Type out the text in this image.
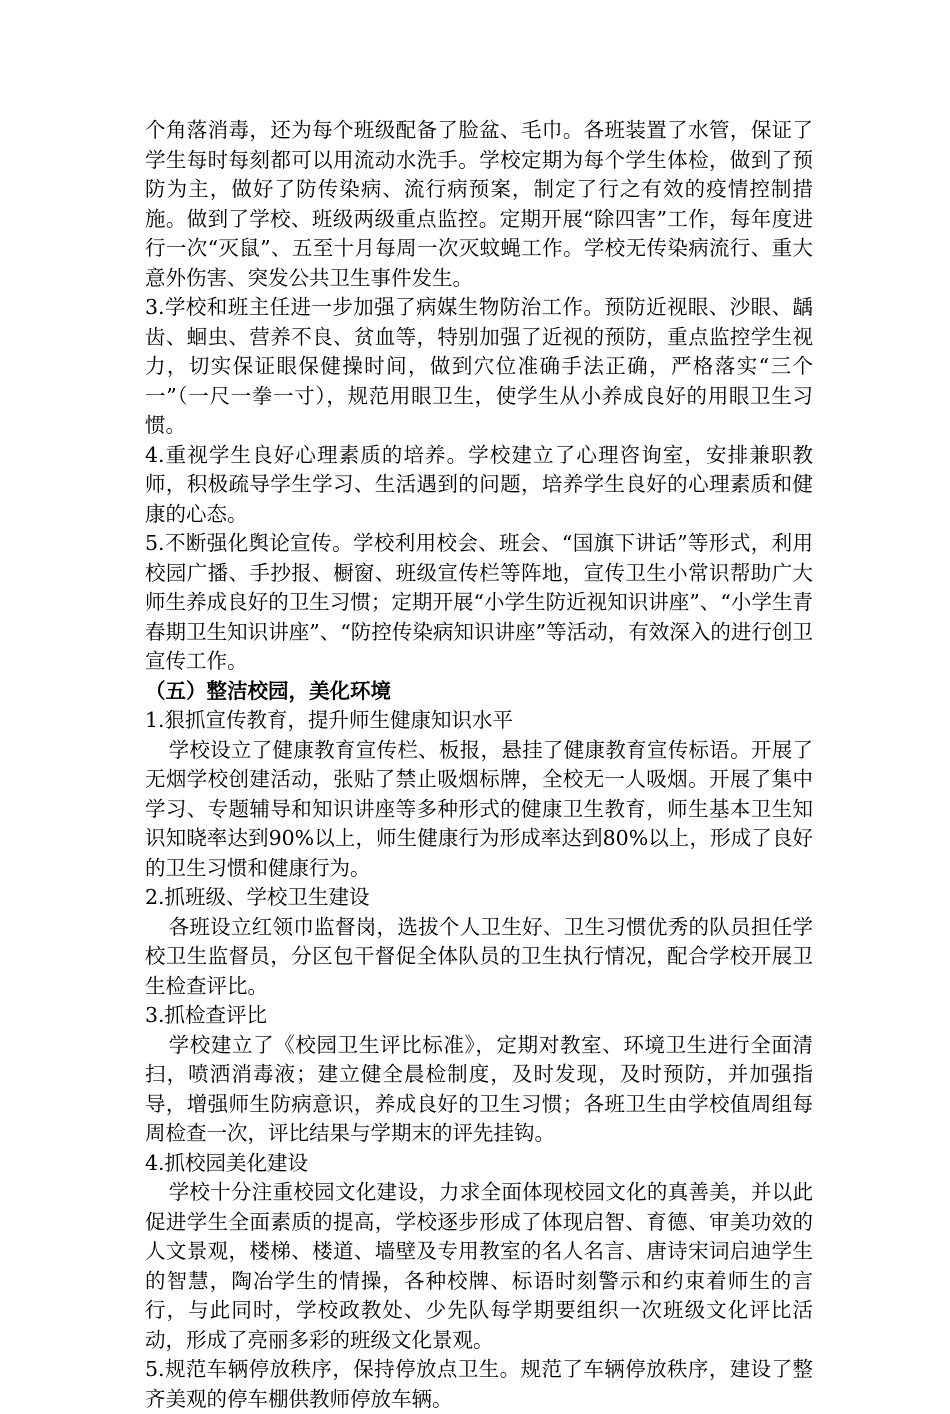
个角落消毒，还为每个班级配备了脸盆、毛巾。各班装置了水管，保证了学生每时每刻都可以用流动水洗手。学校定期为每个学生体检，做到了预防为主，做好了防传染病、流行病预案，制定了行之有效的疫情控制措施。做到了学校、班级两级重点监控。定期开展“除四害”工作，每年度进行一次“灭鼠”、五至十月每周一次灭蚊蝇工作。学校无传染病流行、重大意外伤害、突发公共卫生事件发生。

3.学校和班主任进一步加强了病媒生物防治工作。预防近视眼、沙眼、龋齿、蛔虫、营养不良、贫血等，特别加强了近视的预防，重点监控学生视力，切实保证眼保健操时间，做到穴位准确手法正确，严格落实“三个一”（一尺一拳一寸），规范用眼卫生，使学生从小养成良好的用眼卫生习惯。

4.重视学生良好心理素质的培养。学校建立了心理咨询室，安排兼职教师，积极疏导学生学习、生活遇到的问题，培养学生良好的心理素质和健康的心态。

5.不断强化舆论宣传。学校利用校会、班会、“国旗下讲话”等形式，利用校园广播、手抄报、橱窗、班级宣传栏等阵地，宣传卫生小常识帮助广大师生养成良好的卫生习惯；定期开展“小学生防近视知识讲座”、“小学生青春期卫生知识讲座”、“防控传染病知识讲座”等活动，有效深入的进行创卫宣传工作。

（五）整洁校园，美化环境

1.狠抓宣传教育，提升师生健康知识水平

学校设立了健康教育宣传栏、板报，悬挂了健康教育宣传标语。开展了无烟学校创建活动，张贴了禁止吸烟标牌，全校无一人吸烟。开展了集中学习、专题辅导和知识讲座等多种形式的健康卫生教育，师生基本卫生知识知晓率达到90%以上，师生健康行为形成率达到80%以上，形成了良好的卫生习惯和健康行为。

2.抓班级、学校卫生建设

各班设立红领巾监督岗，选拔个人卫生好、卫生习惯优秀的队员担任学校卫生监督员，分区包干督促全体队员的卫生执行情况，配合学校开展卫生检查评比。

3.抓检查评比

学校建立了《校园卫生评比标准》，定期对教室、环境卫生进行全面清扫，喷洒消毒液；建立健全晨检制度，及时发现，及时预防，并加强指导，增强师生防病意识，养成良好的卫生习惯；各班卫生由学校值周组每周检查一次，评比结果与学期末的评先挂钩。

4.抓校园美化建设

学校十分注重校园文化建设，力求全面体现校园文化的真善美，并以此促进学生全面素质的提高，学校逐步形成了体现启智、育德、审美功效的人文景观，楼梯、楼道、墙壁及专用教室的名人名言、唐诗宋词启迪学生的智慧，陶冶学生的情操，各种校牌、标语时刻警示和约束着师生的言行，与此同时，学校政教处、少先队每学期要组织一次班级文化评比活动，形成了亮丽多彩的班级文化景观。

5.规范车辆停放秩序，保持停放点卫生。规范了车辆停放秩序，建设了整齐美观的停车棚供教师停放车辆。
